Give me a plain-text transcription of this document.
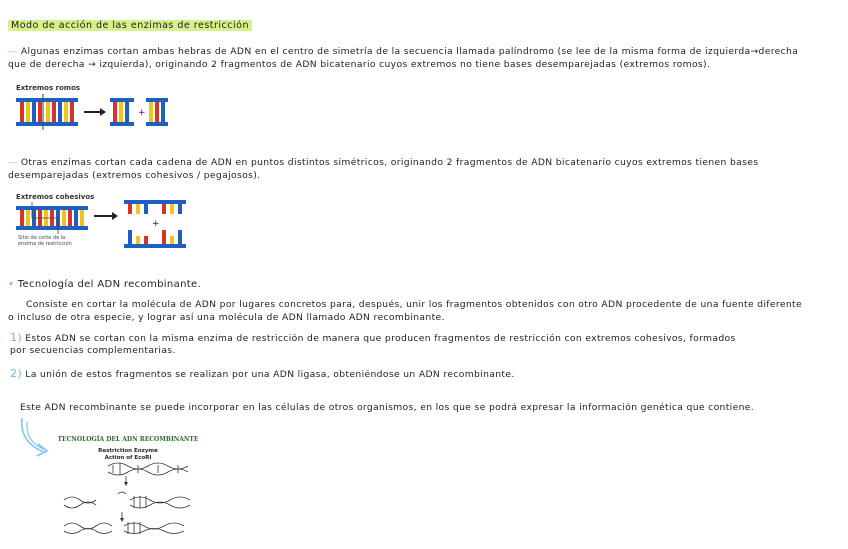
Modo de acción de las enzimas de restricción
— Algunas enzimas cortan ambas hebras de ADN en el centro de simetría de la secuencia llamada palíndromo (se lee de la misma forma de izquierda→derecha
que de derecha → izquierda), originando 2 fragmentos de ADN bicatenario cuyos extremos no tiene bases desemparejadas (extremos romos).
Extremos romos
+
— Otras enzimas cortan cada cadena de ADN en puntos distintos simétricos, originando 2 fragmentos de ADN bicatenario cuyos extremos tienen bases
desemparejadas (extremos cohesivos / pegajosos).
Extremos cohesivos
Sitio de corte de la
enzima de restricción
+
• Tecnología del ADN recombinante.
Consiste en cortar la molécula de ADN por lugares concretos para, después, unir los fragmentos obtenidos con otro ADN procedente de una fuente diferente
o incluso de otra especie, y lograr así una molécula de ADN llamado ADN recombinante.
1) Estos ADN se cortan con la misma enzima de restricción de manera que producen fragmentos de restricción con extremos cohesivos, formados
por secuencias complementarias.
2) La unión de estos fragmentos se realizan por una ADN ligasa, obteniéndose un ADN recombinante.
Este ADN recombinante se puede incorporar en las células de otros organismos, en los que se podrá expresar la información genética que contiene.
TECNOLOGÍA DEL ADN RECOMBINANTE
Restriction Enzyme
Action of EcoRI
